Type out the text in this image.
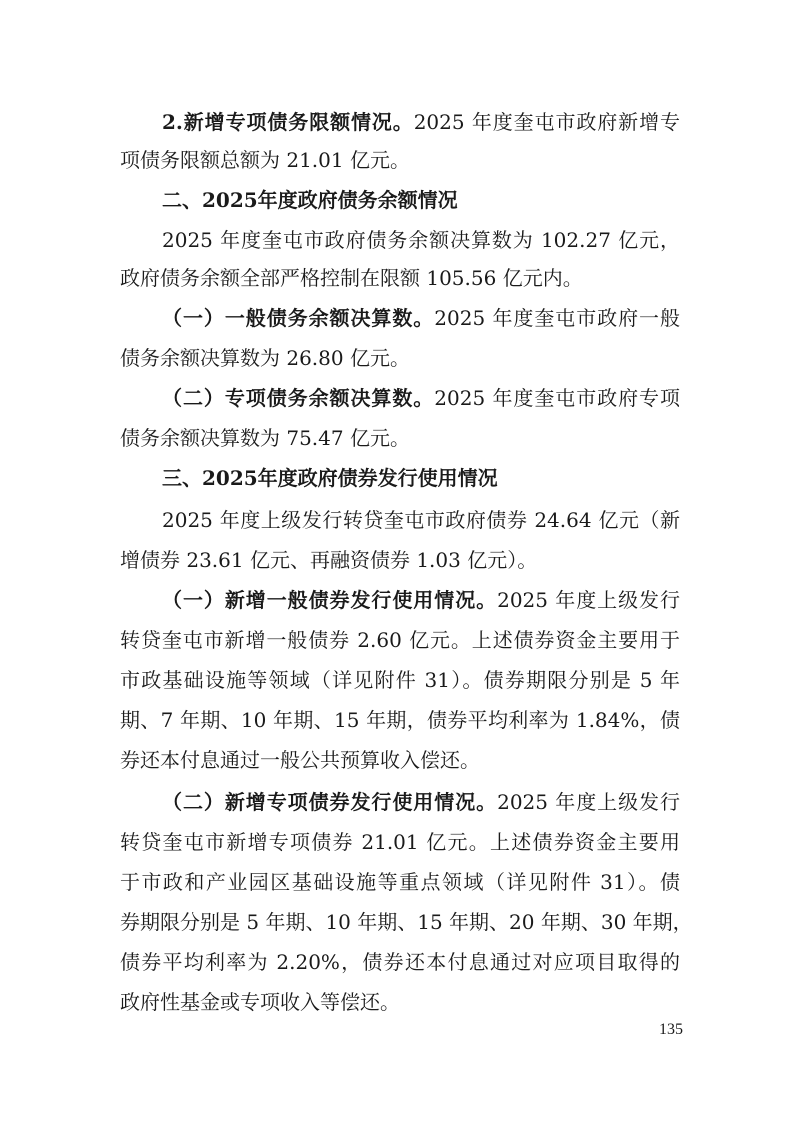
2.新增专项债务限额情况。2025 年度奎屯市政府新增专
项债务限额总额为 21.01 亿元。
二、2025年度政府债务余额情况
2025 年度奎屯市政府债务余额决算数为 102.27 亿元，
政府债务余额全部严格控制在限额 105.56 亿元内。
（一）一般债务余额决算数。2025 年度奎屯市政府一般
债务余额决算数为 26.80 亿元。
（二）专项债务余额决算数。2025 年度奎屯市政府专项
债务余额决算数为 75.47 亿元。
三、2025年度政府债券发行使用情况
2025 年度上级发行转贷奎屯市政府债券 24.64 亿元（新
增债券 23.61 亿元、再融资债券 1.03 亿元）。
（一）新增一般债券发行使用情况。2025 年度上级发行
转贷奎屯市新增一般债券 2.60 亿元。上述债券资金主要用于
市政基础设施等领域（详见附件 31）。债券期限分别是 5 年
期、7 年期、10 年期、15 年期，债券平均利率为 1.84%，债
券还本付息通过一般公共预算收入偿还。
（二）新增专项债券发行使用情况。2025 年度上级发行
转贷奎屯市新增专项债券 21.01 亿元。上述债券资金主要用
于市政和产业园区基础设施等重点领域（详见附件 31）。债
券期限分别是 5 年期、10 年期、15 年期、20 年期、30 年期，
债券平均利率为 2.20%，债券还本付息通过对应项目取得的
政府性基金或专项收入等偿还。
135
